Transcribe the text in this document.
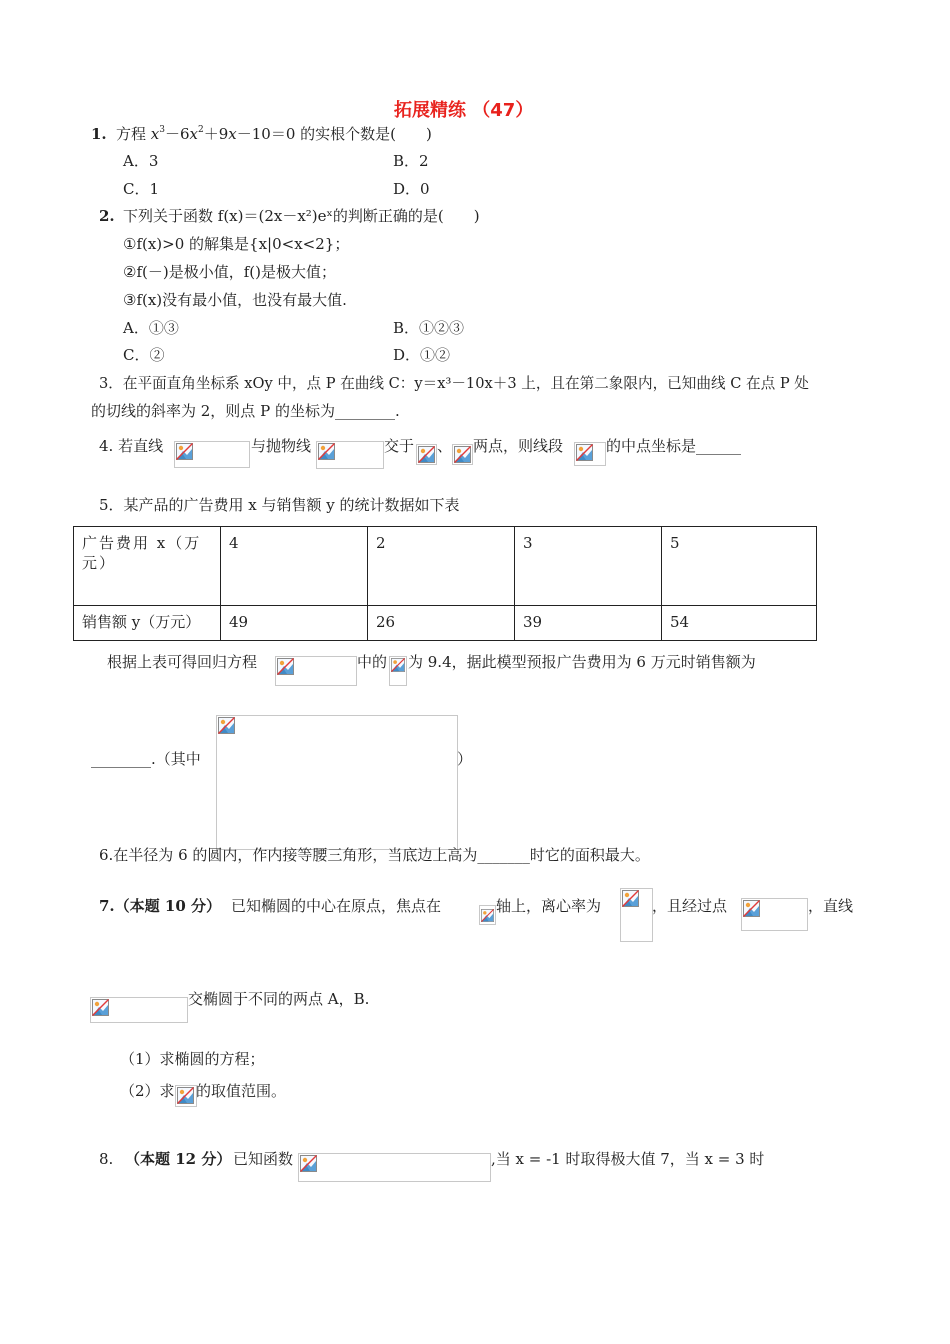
拓展精练 （47）
1. 方程 $x^3-6x^2+9x-10=0$ 的实根个数是(　　)
A．3	B．2
C．1	D．0
2. 下列关于函数 f(x)＝(2x－x²)eˣ的判断正确的是(　　)
①f(x)>0 的解集是{x|0<x<2}；
②f(－)是极小值，f()是极大值；
③f(x)没有最小值，也没有最大值.
A．①③	B．①②③
C．②	D．①②
3．在平面直角坐标系 xOy 中，点 P 在曲线 C：y＝x³－10x＋3 上，且在第二象限内，已知曲线 C 在点 P 处
的切线的斜率为 2，则点 P 的坐标为________.
4. 若直线	与抛物线	交于 、 两点，则线段	的中点坐标是______
5．某产品的广告费用 x 与销售额 y 的统计数据如下表
广告费用 x（万元）	4	2	3	5
销售额 y（万元）	49	26	39	54
根据上表可得回归方程	中的 为 9.4，据此模型预报广告费用为 6 万元时销售额为
________.（其中	）
6.在半径为 6 的圆内，作内接等腰三角形，当底边上高为_______时它的面积最大。
7.（本题 10 分） 已知椭圆的中心在原点，焦点在	轴上，离心率为	，且经过点	，直线
交椭圆于不同的两点 A，B.
（1）求椭圆的方程；
（2）求 的取值范围。
8. （本题 12 分） 已知函数	,当 x = -1 时取得极大值 7，当 x = 3 时
